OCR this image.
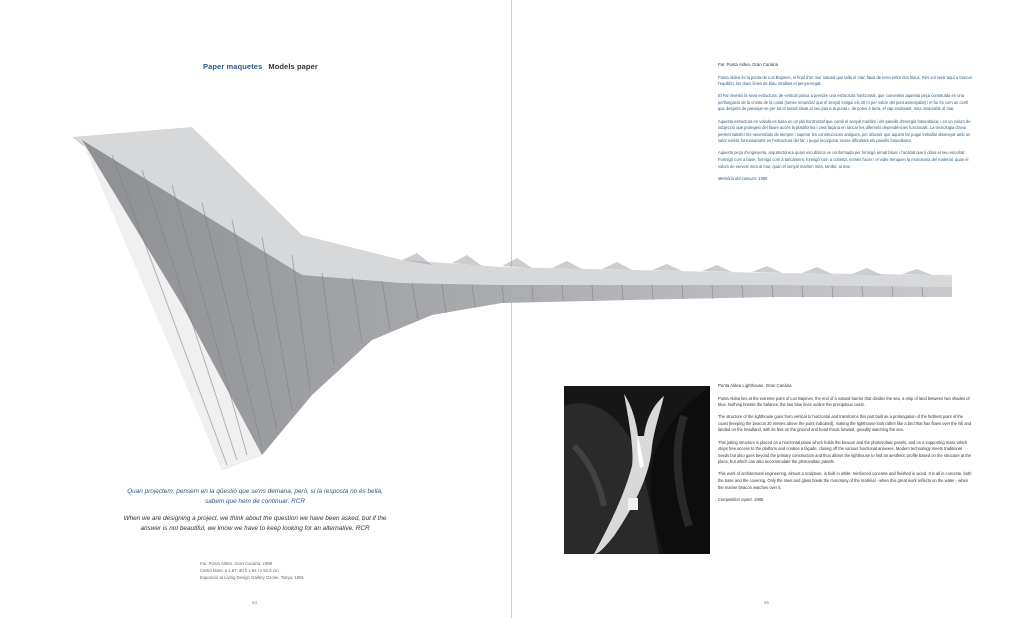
Paper maquetes Models paper
Quan projectem, pensem en la qüestió que se'ns demana, però, si la resposta no és bella, sabem que hem de continuar. RCR
When we are designing a project, we think about the question we have been asked, but if the answer is not beautiful, we know we have to keep looking for an alternative. RCR
Far. Punta Aldea. Gran Canària. 1988
Cartró blanc a 1,67, 40 h x 64 l x 52,5 cm
Exposició al Living Design Gallery Ozone. Tokyo, 1991
63
Far. Punta Aldea. Gran Canària

Punta Aldea és la punta de Los Bajones, el final d'un mur natural que talla el mar; faixa de terra entre dos blaus. Res vol venir aquí a trencar l'equilibri, les dues línies de blau retallant el penya-segat.

El Far invertix la seva estructura: de vertical passa a prendre una estructura horitzontal, que converteix aquesta peça construïda en una perllongació de la crosta de la costa (sense renunciar que el senyal estigui els 20 m per sobre del punt assenyalat) i el far és com un ocell que desprès de passejar-se per tot el tossal situat al seu pas a la punta i, de potes a terra, el cap endavant, mira insaciable al mar.

Aquesta estructura en volada es basa en un pla horitzontal que conté el senyal marítim i els panells d'energia fotovoltaica; i en un volum de subjecció que protegeix del llaure accés la plataforma i crea façana en tancar les diferents dependències funcionals. La tecnologia d'avui permet satisfer les necessitats de sempre i superar les construccions antigues, per afavorir que aquest far pugui treballar dissenyat amb un valor estètic funcionament en l'estructura del far, i pugui incorporar sense dificultats els panells fotovoltaics.

Aquesta peça d'enginyeria, arquitectònica quasi escultòrica ve conformada per formigó armat blanc i l'acabat que li dóna el seu encofrat. Formigó com a base, formigó com a tancament, formigó com a coberta; només l'acer i el vidre trenquen la monotonia del material, quan el volum de serveis mira al mar, quan el senyal marítim mira, també, al mar.

Memòria del concurs. 1988

Punta Aldea Lighthouse. Gran Canària

Punta Aldea lies at the extreme point of Los Bajones, the end of a natural barrier that divides the sea, a strip of land between two shades of blue. Nothing breaks the balance; the two blue lines outline the precipitous coast.

The structure of the lighthouse goes from vertical to horizontal and transforms this part built as a prolongation of the farthest point of the coast (keeping the beacon 20 metres above the point indicated), making the lighthouse look rather like a bird that has flown over the hill and landed on the headland, with its feet on the ground and head thrust forward, greedily watching the sea.

This jutting structure is placed on a horizontal plane which holds the beacon and the photovoltaic panels, and on a supporting mass which stops free access to the platform and creates a façade, closing off the various functional annexes. Modern technology meets traditional needs but also goes beyond the primary construction and thus allows the lighthouse to find an aesthetic profile based on the structure at the place, but which can also accommodate the photovoltaic panels.

This work of architectural engineering, almost a sculpture, is built in white, reinforced concrete and finished in wood. It is all in concrete, both the base and the covering. Only the steel and glass break the monotony of the material - when this great work reflects on the water - when the marine beacon watches over it.

Competition report. 1988

65
